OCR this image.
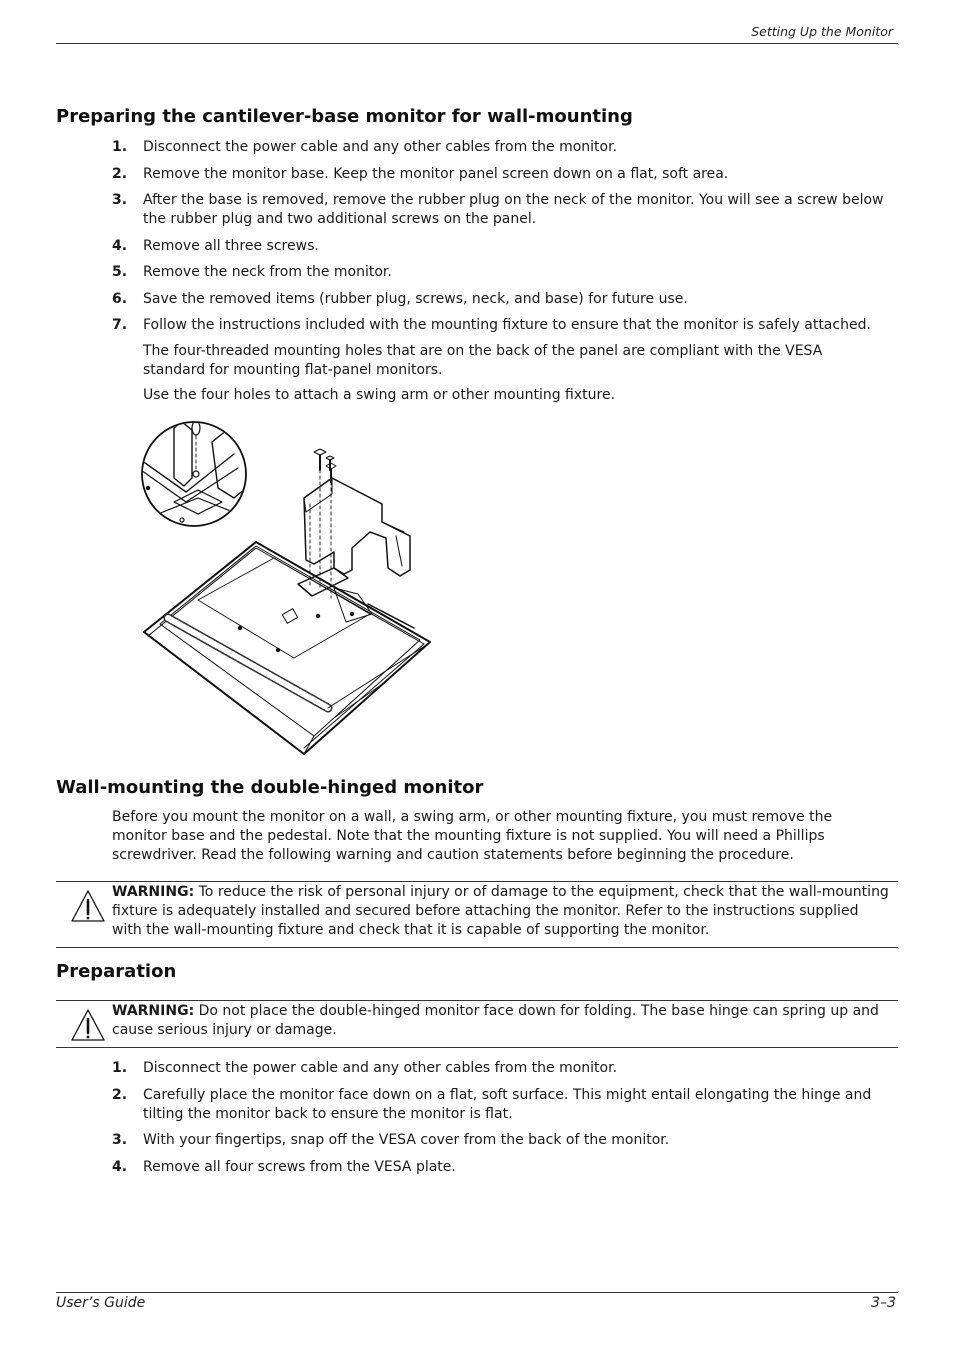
Setting Up the Monitor
Preparing the cantilever-base monitor for wall-mounting
1.	Disconnect the power cable and any other cables from the monitor.
2.	Remove the monitor base. Keep the monitor panel screen down on a flat, soft area.
3.	After the base is removed, remove the rubber plug on the neck of the monitor. You will see a screw below the rubber plug and two additional screws on the panel.
4.	Remove all three screws.
5.	Remove the neck from the monitor.
6.	Save the removed items (rubber plug, screws, neck, and base) for future use.
7.	Follow the instructions included with the mounting fixture to ensure that the monitor is safely attached.
The four-threaded mounting holes that are on the back of the panel are compliant with the VESA standard for mounting flat-panel monitors.
Use the four holes to attach a swing arm or other mounting fixture.
Wall-mounting the double-hinged monitor
Before you mount the monitor on a wall, a swing arm, or other mounting fixture, you must remove the monitor base and the pedestal. Note that the mounting fixture is not supplied. You will need a Phillips screwdriver. Read the following warning and caution statements before beginning the procedure.
WARNING: To reduce the risk of personal injury or of damage to the equipment, check that the wall-mounting fixture is adequately installed and secured before attaching the monitor. Refer to the instructions supplied with the wall-mounting fixture and check that it is capable of supporting the monitor.
Preparation
WARNING: Do not place the double-hinged monitor face down for folding. The base hinge can spring up and cause serious injury or damage.
1.	Disconnect the power cable and any other cables from the monitor.
2.	Carefully place the monitor face down on a flat, soft surface. This might entail elongating the hinge and tilting the monitor back to ensure the monitor is flat.
3.	With your fingertips, snap off the VESA cover from the back of the monitor.
4.	Remove all four screws from the VESA plate.
User’s Guide	3–3
